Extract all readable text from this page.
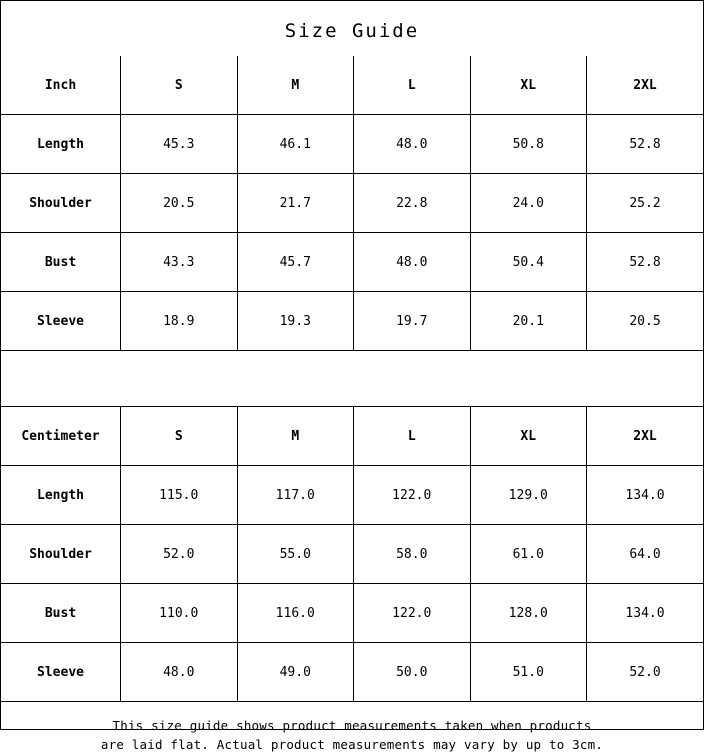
Size Guide
Inch	S	M	L	XL	2XL
Length	45.3	46.1	48.0	50.8	52.8
Shoulder	20.5	21.7	22.8	24.0	25.2
Bust	43.3	45.7	48.0	50.4	52.8
Sleeve	18.9	19.3	19.7	20.1	20.5
Centimeter	S	M	L	XL	2XL
Length	115.0	117.0	122.0	129.0	134.0
Shoulder	52.0	55.0	58.0	61.0	64.0
Bust	110.0	116.0	122.0	128.0	134.0
Sleeve	48.0	49.0	50.0	51.0	52.0
This size guide shows product measurements taken when products
are laid flat. Actual product measurements may vary by up to 3cm.
